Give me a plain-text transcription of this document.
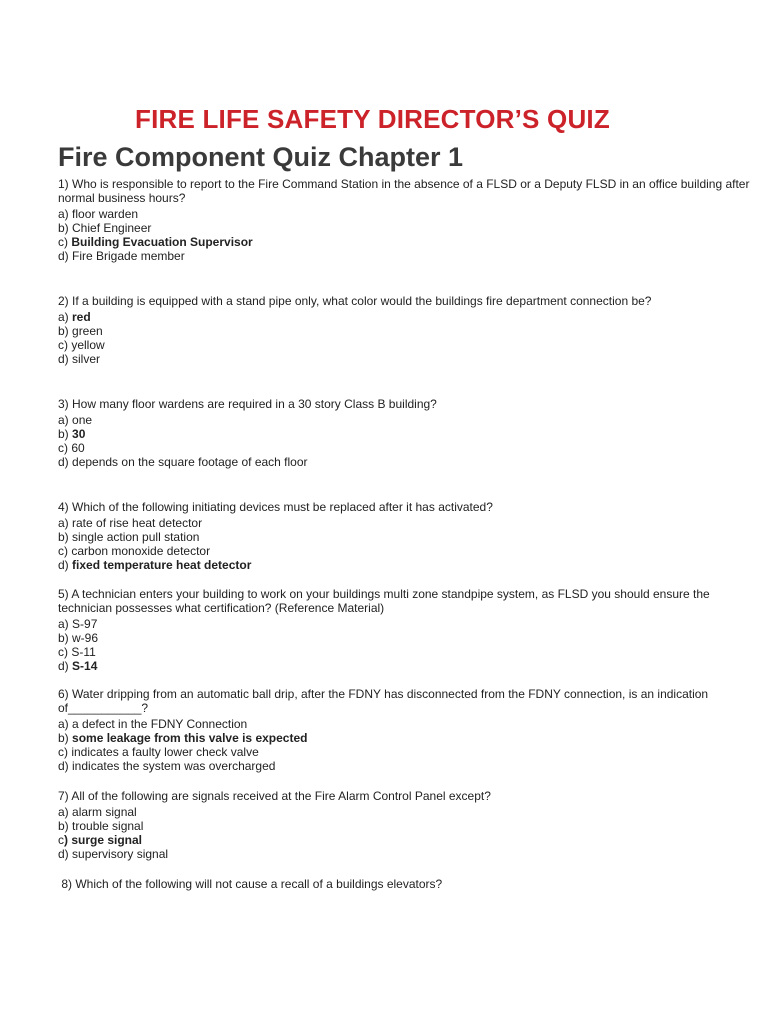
FIRE LIFE SAFETY DIRECTOR’S QUIZ
Fire Component Quiz Chapter 1

1) Who is responsible to report to the Fire Command Station in the absence of a FLSD or a Deputy FLSD in an office building after normal business hours?

a) floor warden
b) Chief Engineer
c) Building Evacuation Supervisor
d) Fire Brigade member

2) If a building is equipped with a stand pipe only, what color would the buildings fire department connection be?

a) red
b) green
c) yellow
d) silver

3) How many floor wardens are required in a 30 story Class B building?

a) one
b) 30
c) 60
d) depends on the square footage of each floor

4) Which of the following initiating devices must be replaced after it has activated?

a) rate of rise heat detector
b) single action pull station
c) carbon monoxide detector
d) fixed temperature heat detector

5) A technician enters your building to work on your buildings multi zone standpipe system, as FLSD you should ensure the technician possesses what certification? (Reference Material)

a) S-97
b) w-96
c) S-11
d) S-14

6) Water dripping from an automatic ball drip, after the FDNY has disconnected from the FDNY connection, is an indication of___________?

a) a defect in the FDNY Connection
b) some leakage from this valve is expected
c) indicates a faulty lower check valve
d) indicates the system was overcharged

7) All of the following are signals received at the Fire Alarm Control Panel except?

a) alarm signal
b) trouble signal
c) surge signal
d) supervisory signal

8) Which of the following will not cause a recall of a buildings elevators?
